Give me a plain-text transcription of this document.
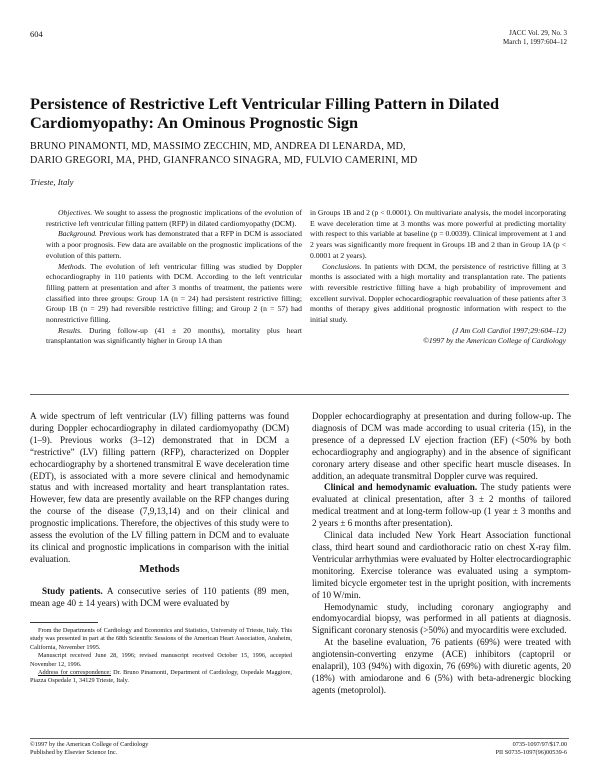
604	JACC Vol. 29, No. 3
March 1, 1997:604–12
Persistence of Restrictive Left Ventricular Filling Pattern in Dilated Cardiomyopathy: An Ominous Prognostic Sign
BRUNO PINAMONTI, MD, MASSIMO ZECCHIN, MD, ANDREA DI LENARDA, MD,
DARIO GREGORI, MA, PHD, GIANFRANCO SINAGRA, MD, FULVIO CAMERINI, MD
Trieste, Italy

Objectives. We sought to assess the prognostic implications of the evolution of restrictive left ventricular filling pattern (RFP) in dilated cardiomyopathy (DCM).

Background. Previous work has demonstrated that a RFP in DCM is associated with a poor prognosis. Few data are available on the prognostic implications of the evolution of this pattern.

Methods. The evolution of left ventricular filling was studied by Doppler echocardiography in 110 patients with DCM. According to the left ventricular filling pattern at presentation and after 3 months of treatment, the patients were classified into three groups: Group 1A (n = 24) had persistent restrictive filling; Group 1B (n = 29) had reversible restrictive filling; and Group 2 (n = 57) had nonrestrictive filling.

Results. During follow-up (41 ± 20 months), mortality plus heart transplantation was significantly higher in Group 1A than

in Groups 1B and 2 (p < 0.0001). On multivariate analysis, the model incorporating E wave deceleration time at 3 months was more powerful at predicting mortality with respect to this variable at baseline (p = 0.0039). Clinical improvement at 1 and 2 years was significantly more frequent in Groups 1B and 2 than in Group 1A (p < 0.0001 at 2 years).

Conclusions. In patients with DCM, the persistence of restrictive filling at 3 months is associated with a high mortality and transplantation rate. The patients with reversible restrictive filling have a high probability of improvement and excellent survival. Doppler echocardiographic reevaluation of these patients after 3 months of therapy gives additional prognostic information with respect to the initial study.

(J Am Coll Cardiol 1997;29:604–12)

©1997 by the American College of Cardiology

A wide spectrum of left ventricular (LV) filling patterns was found during Doppler echocardiography in dilated cardiomyopathy (DCM) (1–9). Previous works (3–12) demonstrated that in DCM a “restrictive” (LV) filling pattern (RFP), characterized on Doppler echocardiography by a shortened transmitral E wave deceleration time (EDT), is associated with a more severe clinical and hemodynamic status and with increased mortality and heart transplantation rates. However, few data are presently available on the RFP changes during the course of the disease (7,9,13,14) and on their clinical and prognostic implications. Therefore, the objectives of this study were to assess the evolution of the LV filling pattern in DCM and to evaluate its clinical and prognostic implications in comparison with the initial evaluation.

Methods

Study patients. A consecutive series of 110 patients (89 men, mean age 40 ± 14 years) with DCM were evaluated by

Doppler echocardiography at presentation and during follow-up. The diagnosis of DCM was made according to usual criteria (15), in the presence of a depressed LV ejection fraction (EF) (<50% by both echocardiography and angiography) and in the absence of significant coronary artery disease and other specific heart muscle diseases. In addition, an adequate transmitral Doppler curve was required.

Clinical and hemodynamic evaluation. The study patients were evaluated at clinical presentation, after 3 ± 2 months of tailored medical treatment and at long-term follow-up (1 year ± 3 months and 2 years ± 6 months after presentation).

Clinical data included New York Heart Association functional class, third heart sound and cardiothoracic ratio on chest X-ray film. Ventricular arrhythmias were evaluated by Holter electrocardiographic monitoring. Exercise tolerance was evaluated using a symptom-limited bicycle ergometer test in the upright position, with increments of 10 W/min.

Hemodynamic study, including coronary angiography and endomyocardial biopsy, was performed in all patients at diagnosis. Significant coronary stenosis (>50%) and myocarditis were excluded.

At the baseline evaluation, 76 patients (69%) were treated with angiotensin-converting enzyme (ACE) inhibitors (captopril or enalapril), 103 (94%) with digoxin, 76 (69%) with diuretic agents, 20 (18%) with amiodarone and 6 (5%) with beta-adrenergic blocking agents (metoprolol).

From the Departments of Cardiology and Economics and Statistics, University of Trieste, Italy. This study was presented in part at the 68th Scientific Sessions of the American Heart Association, Anaheim, California, November 1995.

Manuscript received June 28, 1996; revised manuscript received October 15, 1996, accepted November 12, 1996.

Address for correspondence: Dr. Bruno Pinamonti, Department of Cardiology, Ospedale Maggiore, Piazza Ospedale 1, 34129 Trieste, Italy.

©1997 by the American College of Cardiology
Published by Elsevier Science Inc.
0735-1097/97/$17.00
PII S0735-1097(96)00539-6
